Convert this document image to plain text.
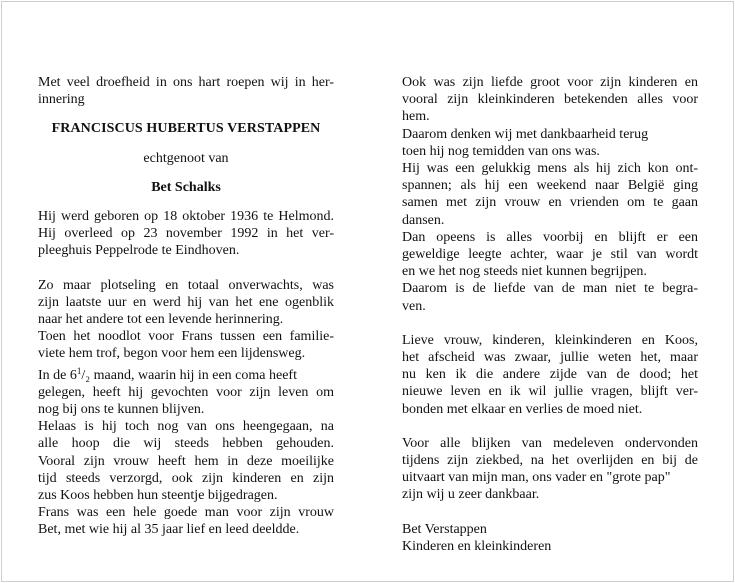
Met veel droefheid in ons hart roepen wij in her-
innering
FRANCISCUS HUBERTUS VERSTAPPEN
echtgenoot van
Bet Schalks
Hij werd geboren op 18 oktober 1936 te Helmond.
Hij overleed op 23 november 1992 in het ver-
pleeghuis Peppelrode te Eindhoven.
Zo maar plotseling en totaal onverwachts, was
zijn laatste uur en werd hij van het ene ogenblik
naar het andere tot een levende herinnering.
Toen het noodlot voor Frans tussen een familie-
viete hem trof, begon voor hem een lijdensweg.
In de $6^1/_2$ maand, waarin hij in een coma heeft
gelegen, heeft hij gevochten voor zijn leven om
nog bij ons te kunnen blijven.
Helaas is hij toch nog van ons heengegaan, na
alle hoop die wij steeds hebben gehouden.
Vooral zijn vrouw heeft hem in deze moeilijke
tijd steeds verzorgd, ook zijn kinderen en zijn
zus Koos hebben hun steentje bijgedragen.
Frans was een hele goede man voor zijn vrouw
Bet, met wie hij al 35 jaar lief en leed deeldde.
Ook was zijn liefde groot voor zijn kinderen en
vooral zijn kleinkinderen betekenden alles voor
hem.
Daarom denken wij met dankbaarheid terug
toen hij nog temidden van ons was.
Hij was een gelukkig mens als hij zich kon ont-
spannen; als hij een weekend naar België ging
samen met zijn vrouw en vrienden om te gaan
dansen.
Dan opeens is alles voorbij en blijft er een
geweldige leegte achter, waar je stil van wordt
en we het nog steeds niet kunnen begrijpen.
Daarom is de liefde van de man niet te begra-
ven.
Lieve vrouw, kinderen, kleinkinderen en Koos,
het afscheid was zwaar, jullie weten het, maar
nu ken ik die andere zijde van de dood; het
nieuwe leven en ik wil jullie vragen, blijft ver-
bonden met elkaar en verlies de moed niet.
Voor alle blijken van medeleven ondervonden
tijdens zijn ziekbed, na het overlijden en bij de
uitvaart van mijn man, ons vader en "grote pap"
zijn wij u zeer dankbaar.
Bet Verstappen
Kinderen en kleinkinderen
